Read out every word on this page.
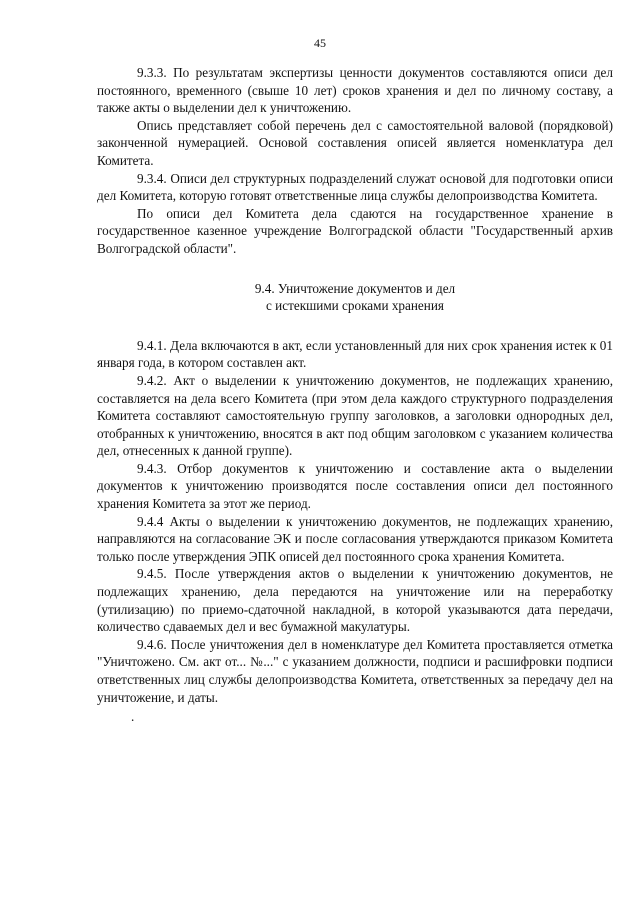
45

9.3.3. По результатам экспертизы ценности документов составляются описи дел постоянного, временного (свыше 10 лет) сроков хранения и дел по личному составу, а также акты о выделении дел к уничтожению.

Опись представляет собой перечень дел с самостоятельной валовой (порядковой) законченной нумерацией. Основой составления описей является номенклатура дел Комитета.

9.3.4. Описи дел структурных подразделений служат основой для подготовки описи дел Комитета, которую готовят ответственные лица службы делопроизводства Комитета.

По описи дел Комитета дела сдаются на государственное хранение в государственное казенное учреждение Волгоградской области "Государственный архив Волгоградской области".

9.4. Уничтожение документов и дел
с истекшими сроками хранения

9.4.1. Дела включаются в акт, если установленный для них срок хранения истек к 01 января года, в котором составлен акт.

9.4.2. Акт о выделении к уничтожению документов, не подлежащих хранению, составляется на дела всего Комитета (при этом дела каждого структурного подразделения Комитета составляют самостоятельную группу заголовков, а заголовки однородных дел, отобранных к уничтожению, вносятся в акт под общим заголовком с указанием количества дел, отнесенных к данной группе).

9.4.3. Отбор документов к уничтожению и составление акта о выделении документов к уничтожению производятся после составления описи дел постоянного хранения Комитета за этот же период.

9.4.4 Акты о выделении к уничтожению документов, не подлежащих хранению, направляются на согласование ЭК и после согласования утверждаются приказом Комитета только после утверждения ЭПК описей дел постоянного срока хранения Комитета.

9.4.5. После утверждения актов о выделении к уничтожению документов, не подлежащих хранению, дела передаются на уничтожение или на переработку (утилизацию) по приемо-сдаточной накладной, в которой указываются дата передачи, количество сдаваемых дел и вес бумажной макулатуры.

9.4.6. После уничтожения дел в номенклатуре дел Комитета проставляется отметка "Уничтожено. См. акт от... №..." с указанием должности, подписи и расшифровки подписи ответственных лиц службы делопроизводства Комитета, ответственных за передачу дел на уничтожение, и даты.

.
